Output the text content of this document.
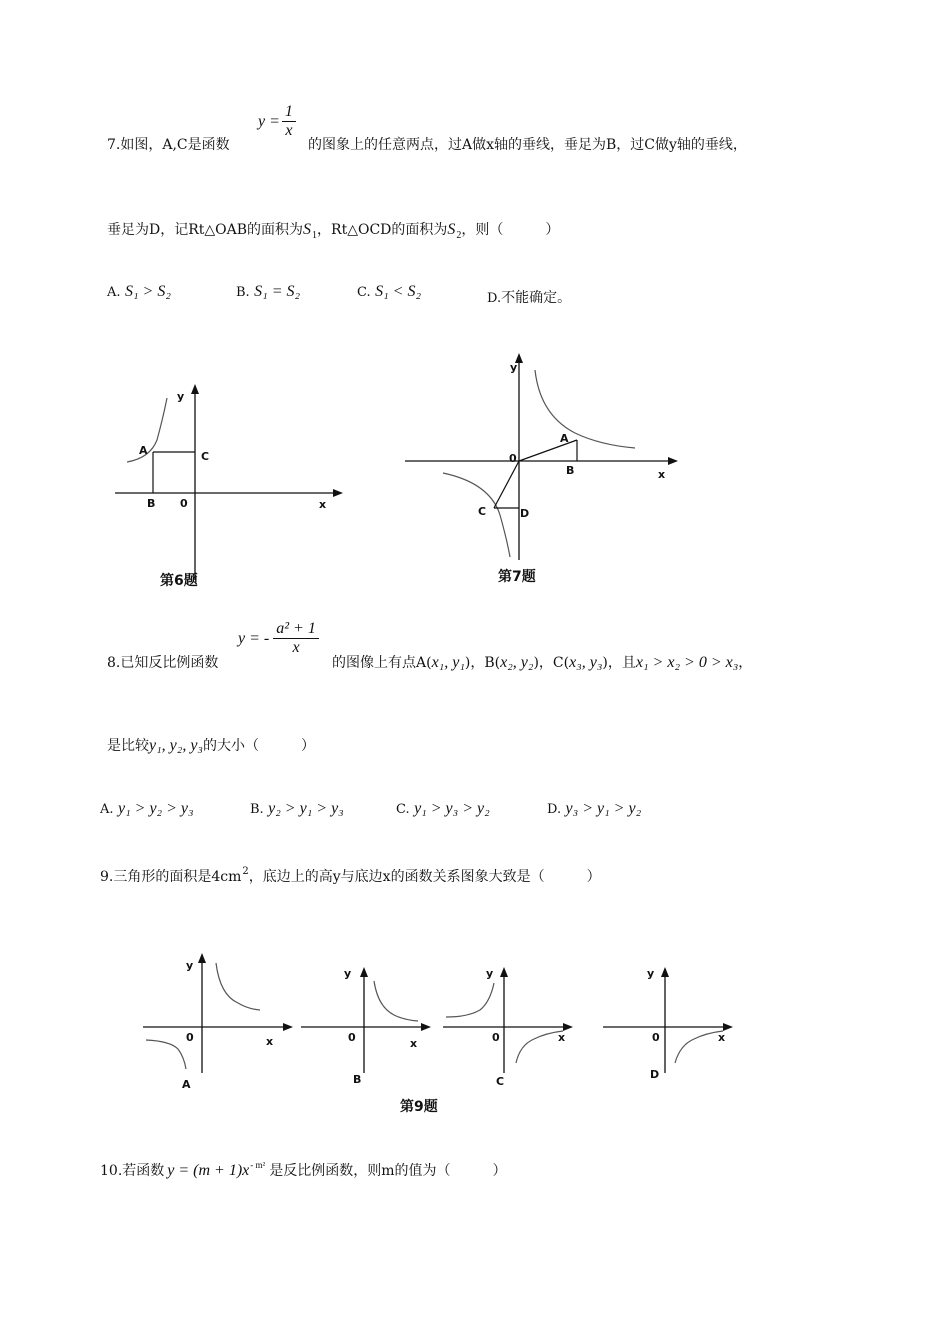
7.如图，A,C是函数
$y = \frac{1}{x}$
的图象上的任意两点，过A做x轴的垂线，垂足为B，过C做y轴的垂线，
垂足为D，记Rt△OAB的面积为$S_1$，Rt△OCD的面积为$S_2$，则（　　　）
A. S₁ > S₂	B. S₁ = S₂	C. S₁ < S₂	D.不能确定。
A
B 0
C
y
x
第6题
A
B
0
C	D
y
x
第7题
8.已知反比例函数
y = - $\frac{\text{a² + 1}}{x}$
的图像上有点A(x₁, y₁)，B(x₂, y₂)，C(x₃, y₃)，且x₁ > x₂ > 0 > x₃，
是比较y₁, y₂, y₃的大小（　　　）
A. y₁ > y₂ > y₃	B. y₂ > y₁ > y₃	C. y₁ > y₃ > y₂	D. y₃ > y₁ > y₂
9.三角形的面积是$4cm^2$，底边上的高y与底边x的函数关系图象大致是（　　　）
y
0	x
A
y
0	x
B
y
0	x
C
y
0	x
D
第9题
10.若函数 $y = (m + 1)x^{- m^2}$ 是反比例函数，则m的值为（　　　）
